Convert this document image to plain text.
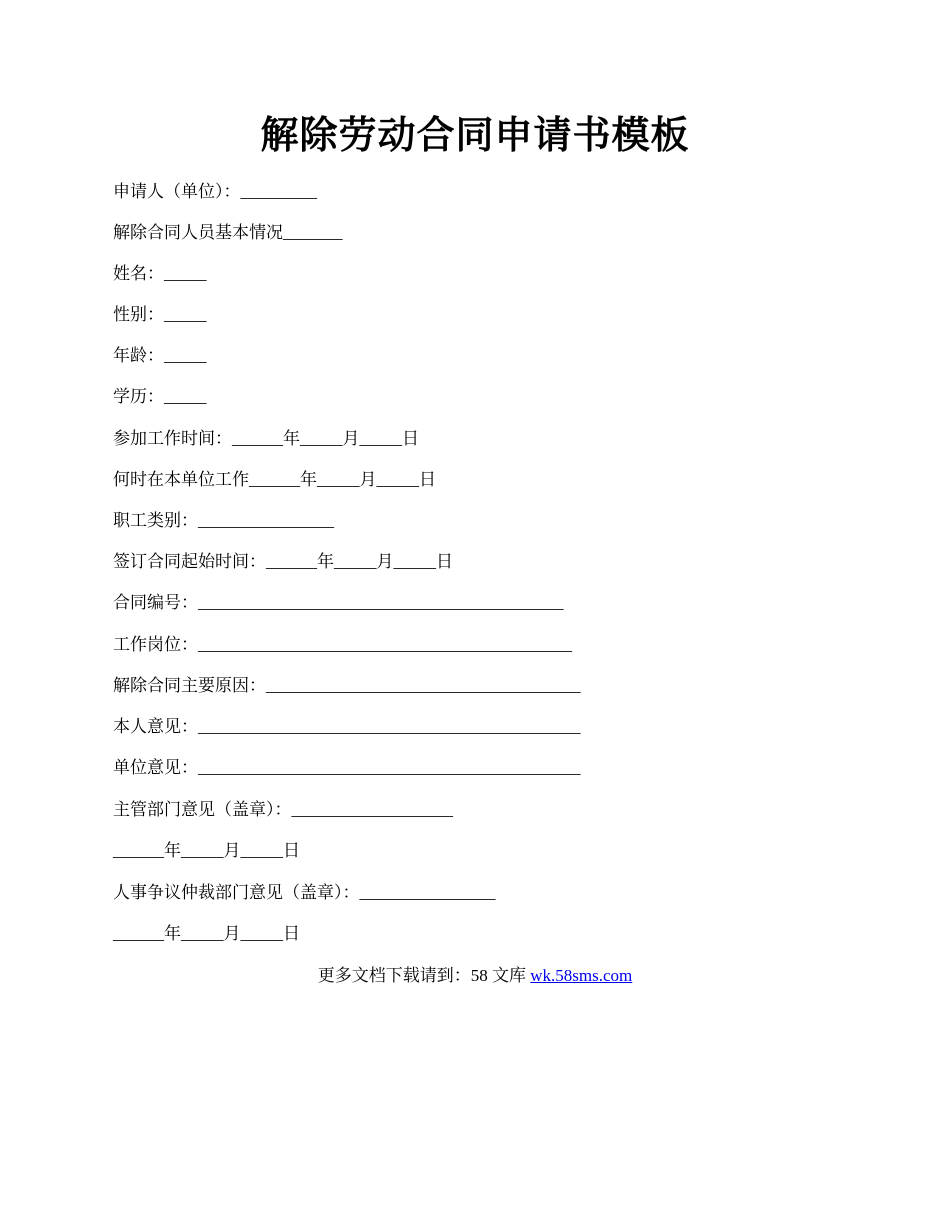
解除劳动合同申请书模板
申请人（单位）：_________
解除合同人员基本情况_______
姓名：_____
性别：_____
年龄：_____
学历：_____
参加工作时间：______年_____月_____日
何时在本单位工作______年_____月_____日
职工类别：________________
签订合同起始时间：______年_____月_____日
合同编号：___________________________________________
工作岗位：____________________________________________
解除合同主要原因：_____________________________________
本人意见：_____________________________________________
单位意见：_____________________________________________
主管部门意见（盖章）：___________________
______年_____月_____日
人事争议仲裁部门意见（盖章）：________________
______年_____月_____日
更多文档下载请到：58 文库 wk.58sms.com
